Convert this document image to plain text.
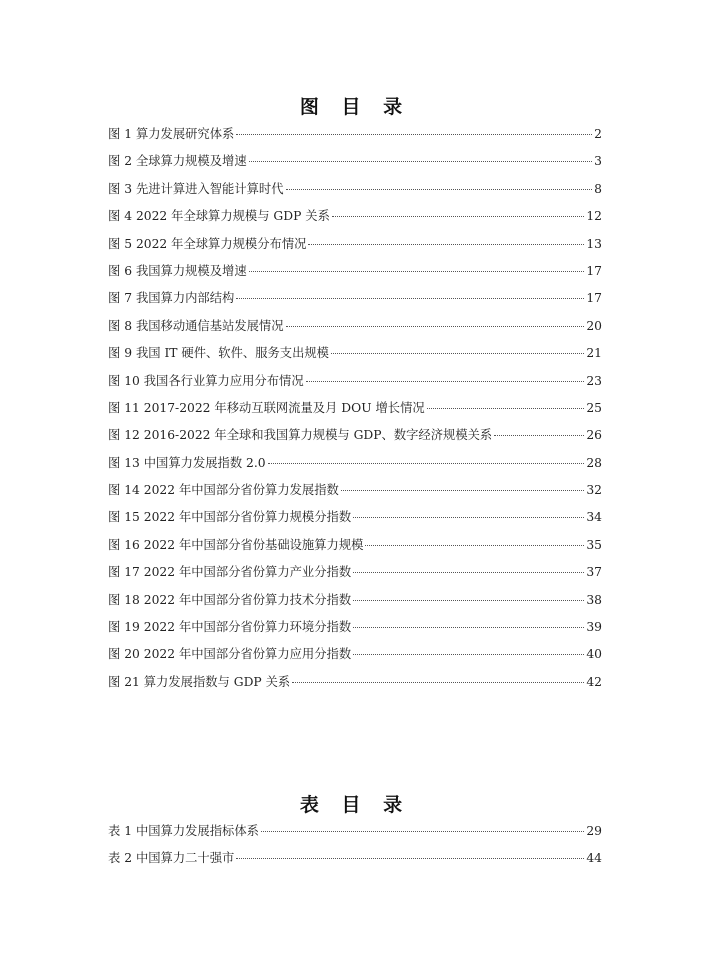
图 目 录
图 1 算力发展研究体系	2
图 2 全球算力规模及增速	3
图 3 先进计算进入智能计算时代	8
图 4 2022 年全球算力规模与 GDP 关系	12
图 5 2022 年全球算力规模分布情况	13
图 6 我国算力规模及增速	17
图 7 我国算力内部结构	17
图 8 我国移动通信基站发展情况	20
图 9 我国 IT 硬件、软件、服务支出规模	21
图 10 我国各行业算力应用分布情况	23
图 11 2017-2022 年移动互联网流量及月 DOU 增长情况	25
图 12 2016-2022 年全球和我国算力规模与 GDP、数字经济规模关系	26
图 13 中国算力发展指数 2.0	28
图 14 2022 年中国部分省份算力发展指数	32
图 15 2022 年中国部分省份算力规模分指数	34
图 16 2022 年中国部分省份基础设施算力规模	35
图 17 2022 年中国部分省份算力产业分指数	37
图 18 2022 年中国部分省份算力技术分指数	38
图 19 2022 年中国部分省份算力环境分指数	39
图 20 2022 年中国部分省份算力应用分指数	40
图 21 算力发展指数与 GDP 关系	42
表 目 录
表 1 中国算力发展指标体系	29
表 2 中国算力二十强市	44
